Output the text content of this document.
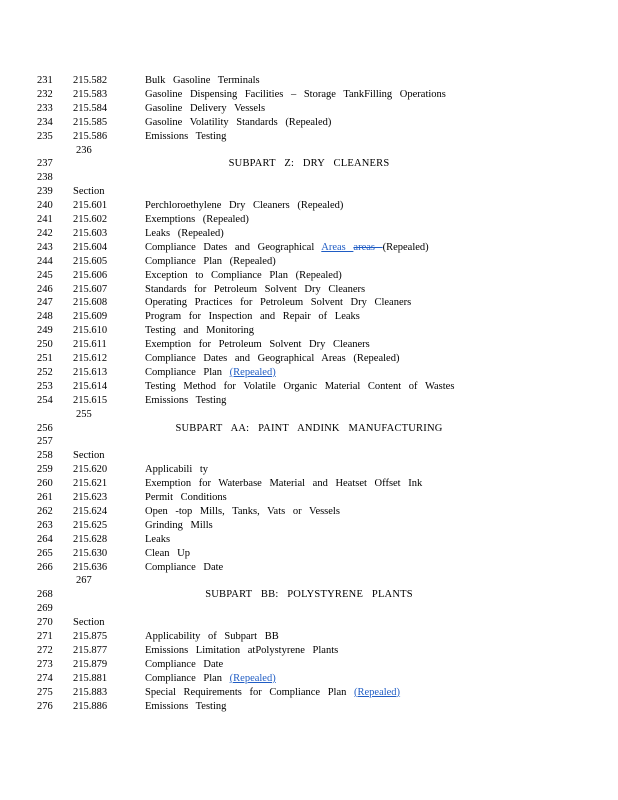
231 215.582	Bulk Gasoline Terminals
232 215.583	Gasoline Dispensing Facilities – Storage TankFilling Operations
233 215.584	Gasoline Delivery Vessels
234 215.585	Gasoline Volatility Standards (Repealed)
235 215.586	Emissions Testing
236
237	SUBPART Z: DRY CLEANERS
238
239 Section
240 215.601	Perchloroethylene Dry Cleaners (Repealed)
241 215.602	Exemptions (Repealed)
242 215.603	Leaks (Repealed)
243 215.604	Compliance Dates and Geographical Areas areas (Repealed)
244 215.605	Compliance Plan (Repealed)
245 215.606	Exception to Compliance Plan (Repealed)
246 215.607	Standards for Petroleum Solvent Dry Cleaners
247 215.608	Operating Practices for Petroleum Solvent Dry Cleaners
248 215.609	Program for Inspection and Repair of Leaks
249 215.610	Testing and Monitoring
250 215.611	Exemption for Petroleum Solvent Dry Cleaners
251 215.612	Compliance Dates and Geographical Areas (Repealed)
252 215.613	Compliance Plan (Repealed)
253 215.614	Testing Method for Volatile Organic Material Content of Wastes
254 215.615	Emissions Testing
255
256	SUBPART AA: PAINT ANDINK MANUFACTURING
257
258 Section
259 215.620	Applicabili ty
260 215.621	Exemption for Waterbase Material and Heatset Offset Ink
261 215.623	Permit Conditions
262 215.624	Open -top Mills, Tanks, Vats or Vessels
263 215.625	Grinding Mills
264 215.628	Leaks
265 215.630	Clean Up
266 215.636	Compliance Date
267
268	SUBPART BB: POLYSTYRENE PLANTS
269
270 Section
271 215.875	Applicability of Subpart BB
272 215.877	Emissions Limitation atPolystyrene Plants
273 215.879	Compliance Date
274 215.881	Compliance Plan (Repealed)
275 215.883	Special Requirements for Compliance Plan (Repealed)
276 215.886	Emissions Testing
